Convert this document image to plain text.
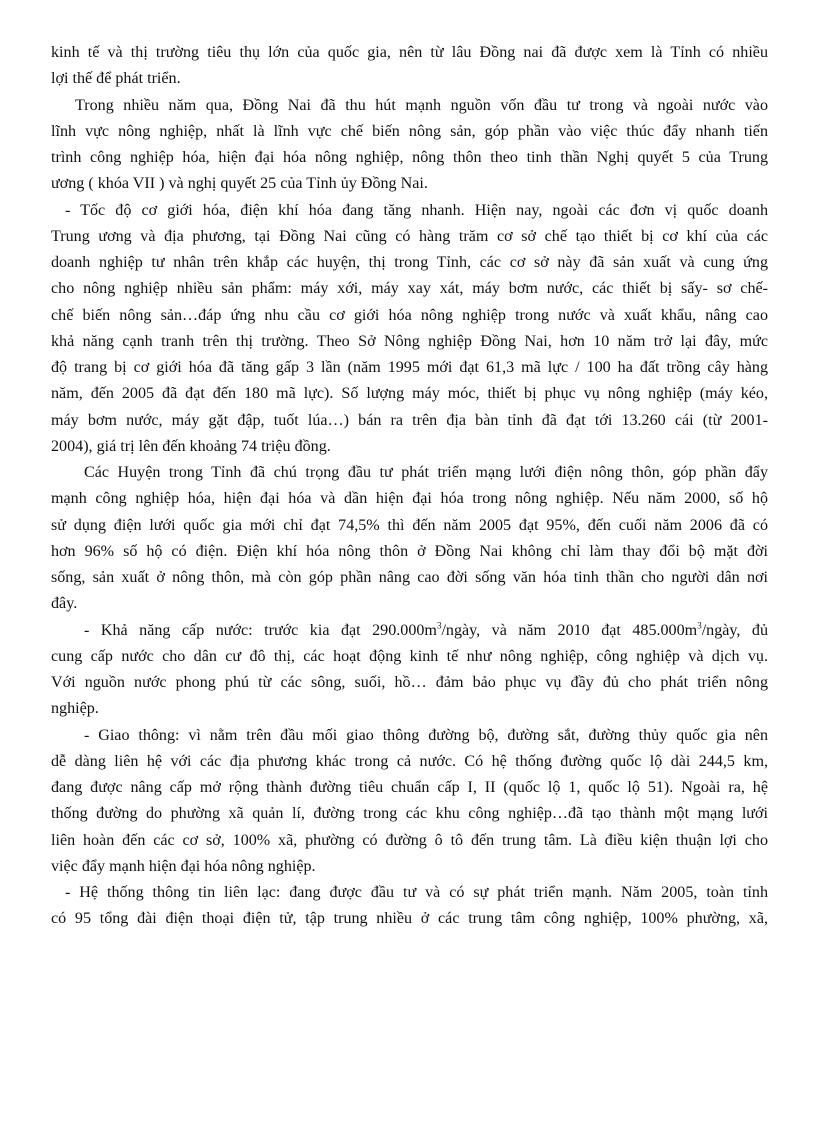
kinh tế và thị trường tiêu thụ lớn của quốc gia, nên từ lâu Đồng nai đã được xem là Tỉnh có nhiều
lợi thế để phát triển.

Trong nhiều năm qua, Đồng Nai đã thu hút mạnh nguồn vốn đầu tư trong và ngoài nước vào
lĩnh vực nông nghiệp, nhất là lĩnh vực chế biến nông sản, góp phần vào việc thúc đẩy nhanh tiến
trình công nghiệp hóa, hiện đại hóa nông nghiệp, nông thôn theo tinh thần Nghị quyết 5 của Trung
ương ( khóa VII ) và nghị quyết 25 của Tỉnh ủy Đồng Nai.

- Tốc độ cơ giới hóa, điện khí hóa đang tăng nhanh. Hiện nay, ngoài các đơn vị quốc doanh
Trung ương và địa phương, tại Đồng Nai cũng có hàng trăm cơ sở chế tạo thiết bị cơ khí của các
doanh nghiệp tư nhân trên khắp các huyện, thị trong Tỉnh, các cơ sở này đã sản xuất và cung ứng
cho nông nghiệp nhiều sản phẩm: máy xới, máy xay xát, máy bơm nước, các thiết bị sấy- sơ chế-
chế biến nông sản…đáp ứng nhu cầu cơ giới hóa nông nghiệp trong nước và xuất khẩu, nâng cao
khả năng cạnh tranh trên thị trường. Theo Sở Nông nghiệp Đồng Nai, hơn 10 năm trở lại đây, mức
độ trang bị cơ giới hóa đã tăng gấp 3 lần (năm 1995 mới đạt 61,3 mã lực / 100 ha đất trồng cây hàng
năm, đến 2005 đã đạt đến 180 mã lực). Số lượng máy móc, thiết bị phục vụ nông nghiệp (máy kéo,
máy bơm nước, máy gặt đập, tuốt lúa…) bán ra trên địa bàn tỉnh đã đạt tới 13.260 cái (từ 2001-
2004), giá trị lên đến khoảng 74 triệu đồng.

Các Huyện trong Tỉnh đã chú trọng đầu tư phát triển mạng lưới điện nông thôn, góp phần đẩy
mạnh công nghiệp hóa, hiện đại hóa và dần hiện đại hóa trong nông nghiệp. Nếu năm 2000, số hộ
sử dụng điện lưới quốc gia mới chỉ đạt 74,5% thì đến năm 2005 đạt 95%, đến cuối năm 2006 đã có
hơn 96% số hộ có điện. Điện khí hóa nông thôn ở Đồng Nai không chỉ làm thay đổi bộ mặt đời
sống, sản xuất ở nông thôn, mà còn góp phần nâng cao đời sống văn hóa tinh thần cho người dân nơi
đây.

- Khả năng cấp nước: trước kia đạt $290.000m^3$/ngày, và năm 2010 đạt $485.000m^3$/ngày, đủ
cung cấp nước cho dân cư đô thị, các hoạt động kinh tế như nông nghiệp, công nghiệp và dịch vụ.
Với nguồn nước phong phú từ các sông, suối, hồ… đảm bảo phục vụ đầy đủ cho phát triển nông
nghiệp.

- Giao thông: vì nằm trên đầu mối giao thông đường bộ, đường sắt, đường thủy quốc gia nên
dễ dàng liên hệ với các địa phương khác trong cả nước. Có hệ thống đường quốc lộ dài 244,5 km,
đang được nâng cấp mở rộng thành đường tiêu chuẩn cấp I, II (quốc lộ 1, quốc lộ 51). Ngoài ra, hệ
thống đường do phường xã quản lí, đường trong các khu công nghiệp…đã tạo thành một mạng lưới
liên hoàn đến các cơ sở, 100% xã, phường có đường ô tô đến trung tâm. Là điều kiện thuận lợi cho
việc đẩy mạnh hiện đại hóa nông nghiệp.

- Hệ thống thông tin liên lạc: đang được đầu tư và có sự phát triển mạnh. Năm 2005, toàn tỉnh
có 95 tổng đài điện thoại điện tử, tập trung nhiều ở các trung tâm công nghiệp, 100% phường, xã,
